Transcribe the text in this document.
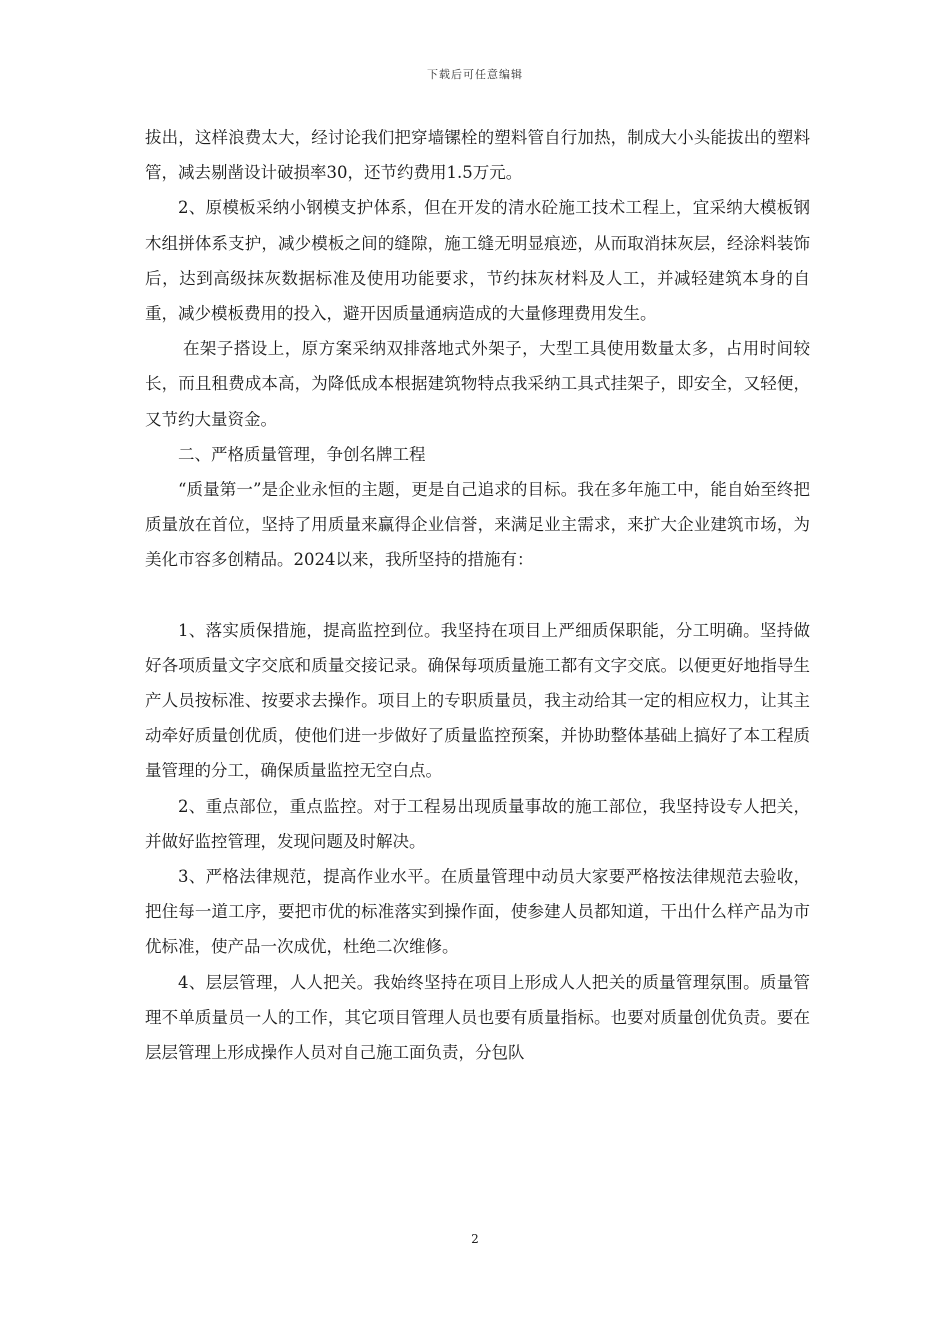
下载后可任意编辑

拔出，这样浪费太大，经讨论我们把穿墙镙栓的塑料管自行加热，制成大小头能拔出的塑料管，减去剔凿设计破损率30，还节约费用1.5万元。

2、原模板采纳小钢模支护体系，但在开发的清水砼施工技术工程上，宜采纳大模板钢木组拼体系支护，减少模板之间的缝隙，施工缝无明显痕迹，从而取消抹灰层，经涂料装饰后，达到高级抹灰数据标准及使用功能要求，节约抹灰材料及人工，并减轻建筑本身的自重，减少模板费用的投入，避开因质量通病造成的大量修理费用发生。

在架子搭设上，原方案采纳双排落地式外架子，大型工具使用数量太多，占用时间较长，而且租费成本高，为降低成本根据建筑物特点我采纳工具式挂架子，即安全，又轻便，又节约大量资金。

二、严格质量管理，争创名牌工程

“质量第一”是企业永恒的主题，更是自己追求的目标。我在多年施工中，能自始至终把质量放在首位，坚持了用质量来赢得企业信誉，来满足业主需求，来扩大企业建筑市场，为美化市容多创精品。2024以来，我所坚持的措施有：

1、落实质保措施，提高监控到位。我坚持在项目上严细质保职能，分工明确。坚持做好各项质量文字交底和质量交接记录。确保每项质量施工都有文字交底。以便更好地指导生产人员按标准、按要求去操作。项目上的专职质量员，我主动给其一定的相应权力，让其主动牵好质量创优质，使他们进一步做好了质量监控预案，并协助整体基础上搞好了本工程质量管理的分工，确保质量监控无空白点。

2、重点部位，重点监控。对于工程易出现质量事故的施工部位，我坚持设专人把关，并做好监控管理，发现问题及时解决。

3、严格法律规范，提高作业水平。在质量管理中动员大家要严格按法律规范去验收，把住每一道工序，要把市优的标准落实到操作面，使参建人员都知道，干出什么样产品为市优标准，使产品一次成优，杜绝二次维修。

4、层层管理，人人把关。我始终坚持在项目上形成人人把关的质量管理氛围。质量管理不单质量员一人的工作，其它项目管理人员也要有质量指标。也要对质量创优负责。要在层层管理上形成操作人员对自己施工面负责，分包队

2
